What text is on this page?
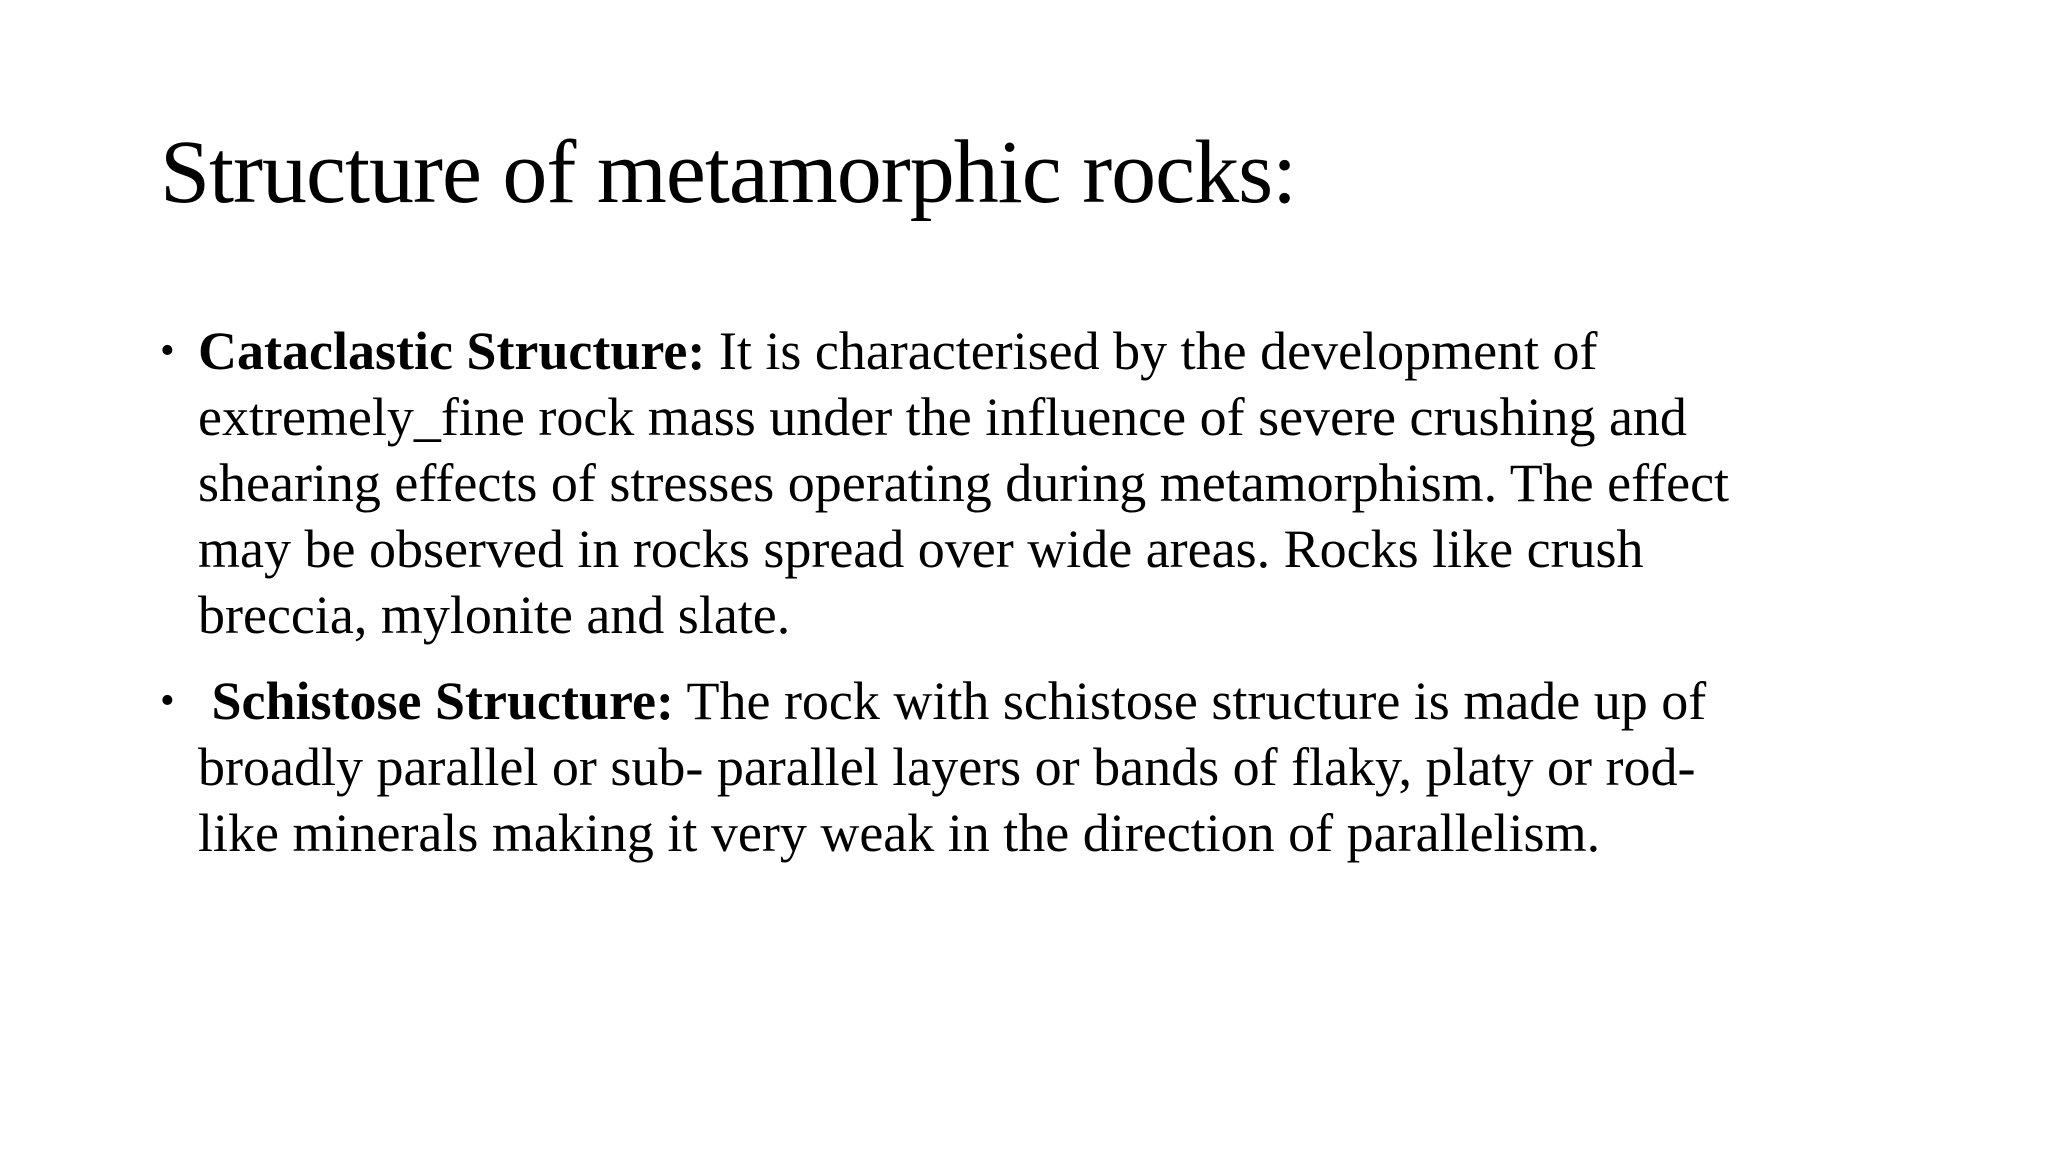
Structure of metamorphic rocks:
• Cataclastic Structure: It is characterised by the development of
extremely_fine rock mass under the influence of severe crushing and
shearing effects of stresses operating during metamorphism. The effect
may be observed in rocks spread over wide areas. Rocks like crush
breccia, mylonite and slate.
• Schistose Structure: The rock with schistose structure is made up of
broadly parallel or sub- parallel layers or bands of flaky, platy or rod-
like minerals making it very weak in the direction of parallelism.
